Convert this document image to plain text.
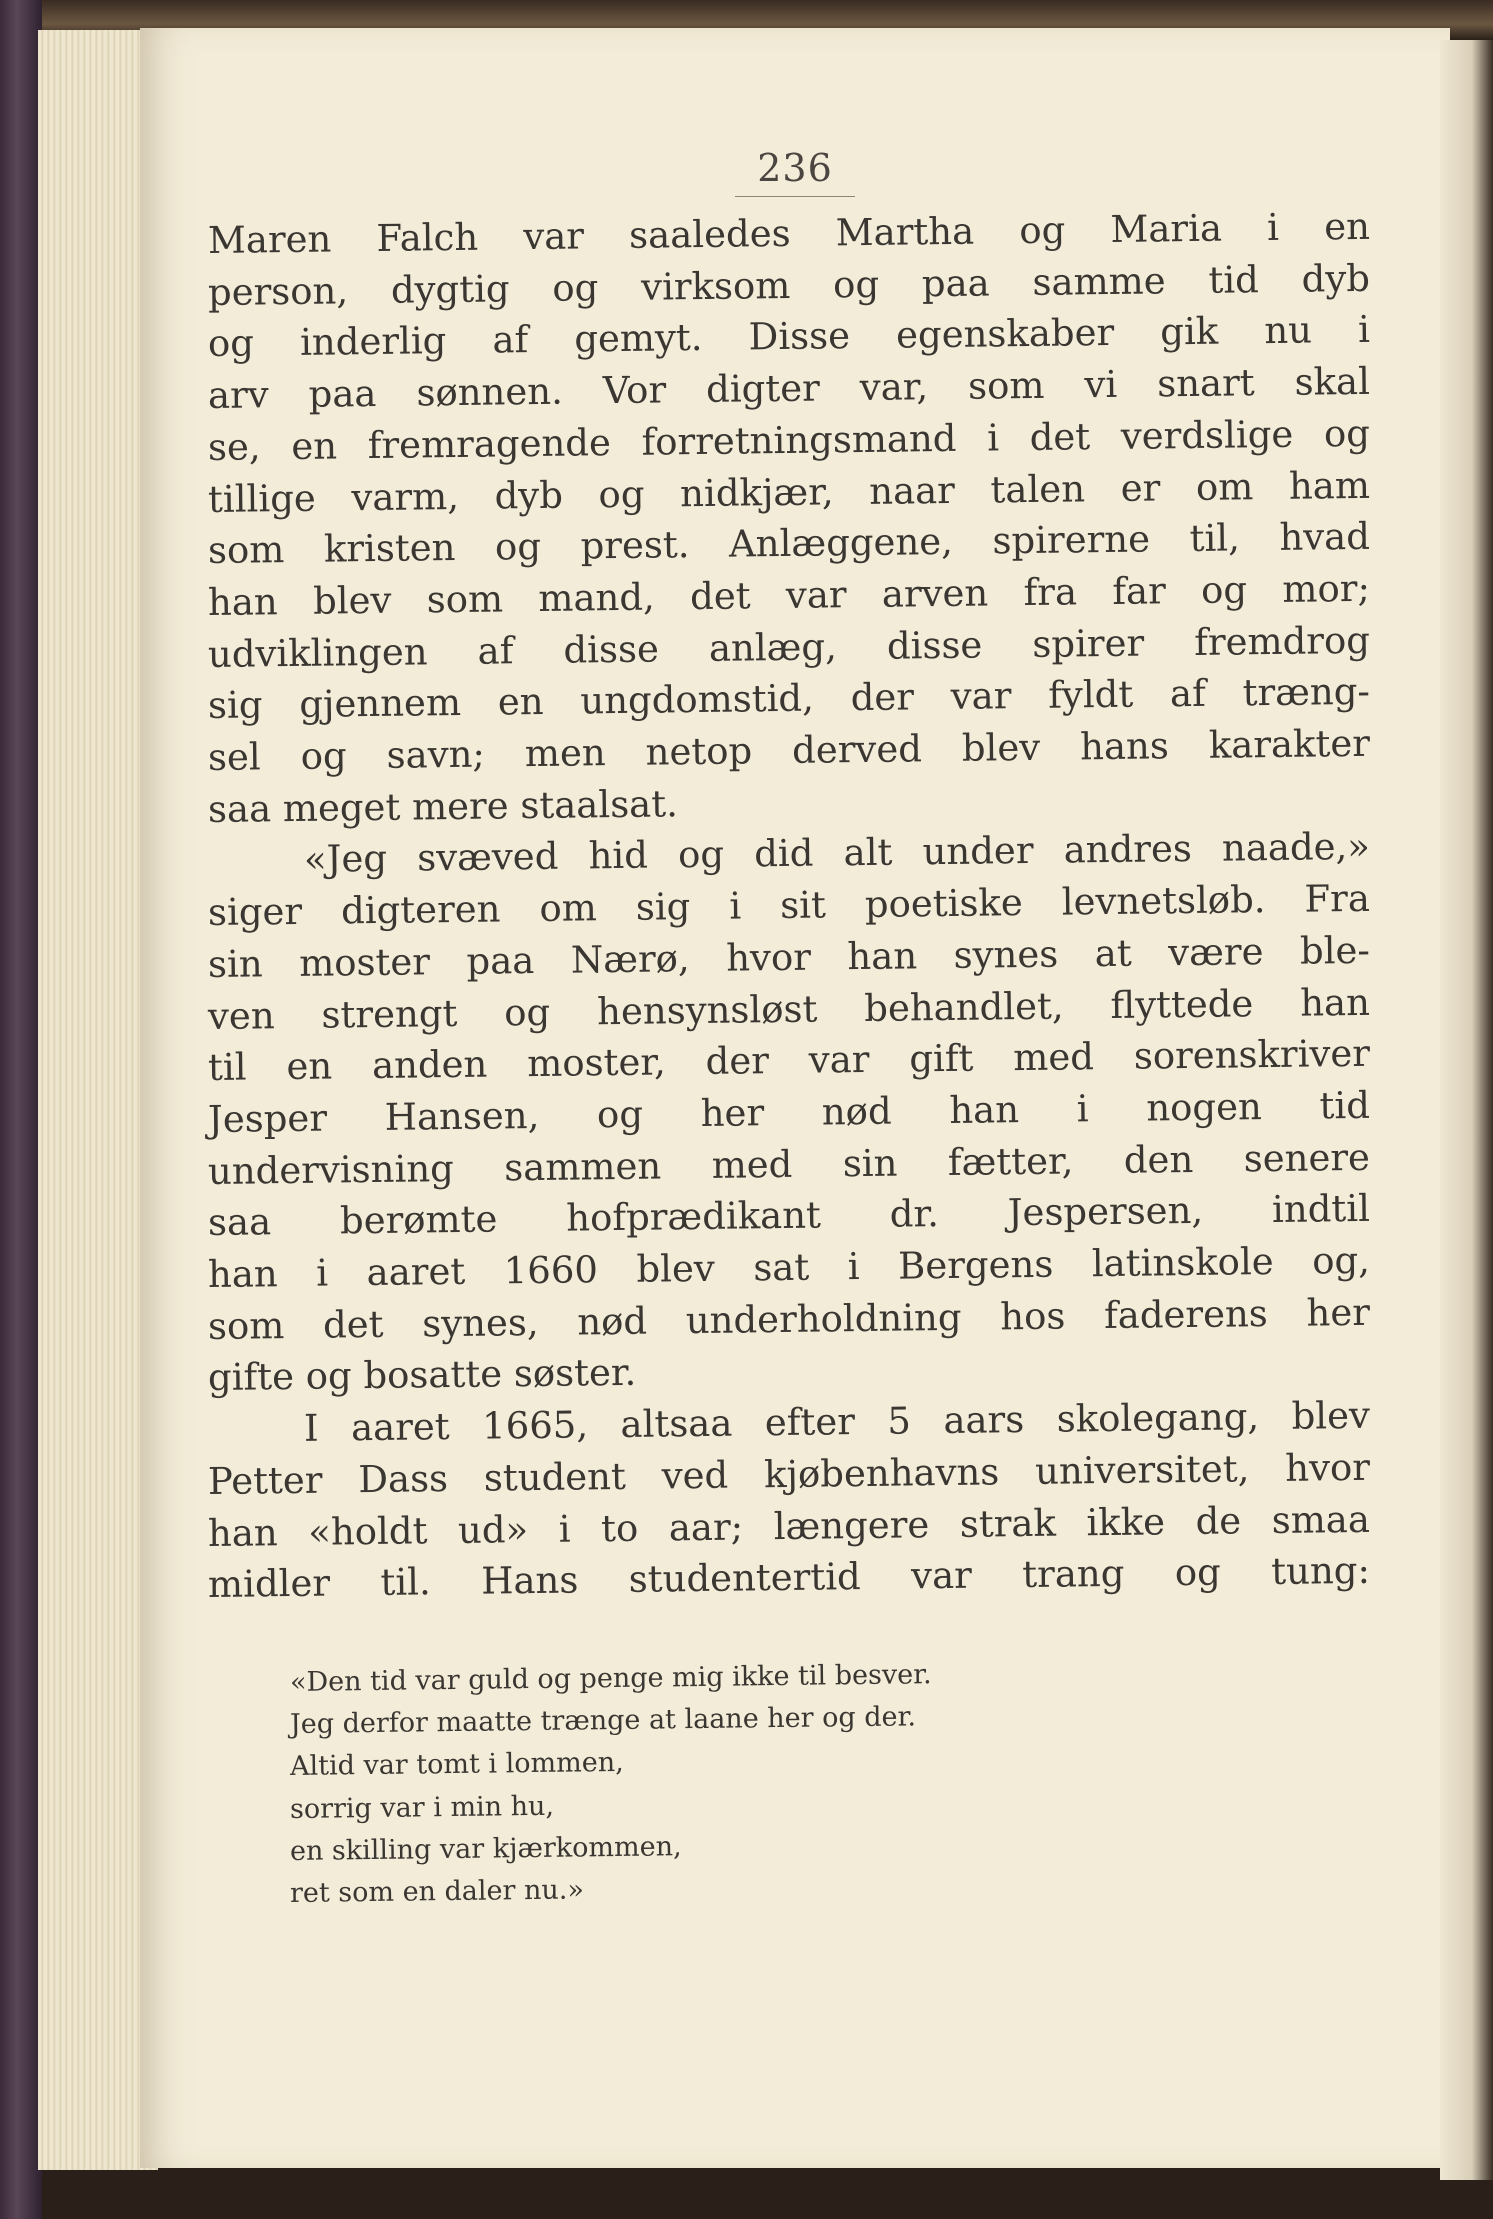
236
Maren Falch var saaledes Martha og Maria i en
person, dygtig og virksom og paa samme tid dyb
og inderlig af gemyt. Disse egenskaber gik nu i
arv paa sønnen. Vor digter var, som vi snart skal
se, en fremragende forretningsmand i det verdslige og
tillige varm, dyb og nidkjær, naar talen er om ham
som kristen og prest. Anlæggene, spirerne til, hvad
han blev som mand, det var arven fra far og mor;
udviklingen af disse anlæg, disse spirer fremdrog
sig gjennem en ungdomstid, der var fyldt af træng-
sel og savn; men netop derved blev hans karakter
saa meget mere staalsat.
«Jeg svæved hid og did alt under andres naade,»
siger digteren om sig i sit poetiske levnetsløb. Fra
sin moster paa Nærø, hvor han synes at være ble-
ven strengt og hensynsløst behandlet, flyttede han
til en anden moster, der var gift med sorenskriver
Jesper Hansen, og her nød han i nogen tid
undervisning sammen med sin fætter, den senere
saa berømte hofprædikant dr. Jespersen, indtil
han i aaret 1660 blev sat i Bergens latinskole og,
som det synes, nød underholdning hos faderens her
gifte og bosatte søster.
I aaret 1665, altsaa efter 5 aars skolegang, blev
Petter Dass student ved kjøbenhavns universitet, hvor
han «holdt ud» i to aar; længere strak ikke de smaa
midler til. Hans studentertid var trang og tung:
«Den tid var guld og penge mig ikke til besver.
Jeg derfor maatte trænge at laane her og der.
Altid var tomt i lommen,
sorrig var i min hu,
en skilling var kjærkommen,
ret som en daler nu.»
